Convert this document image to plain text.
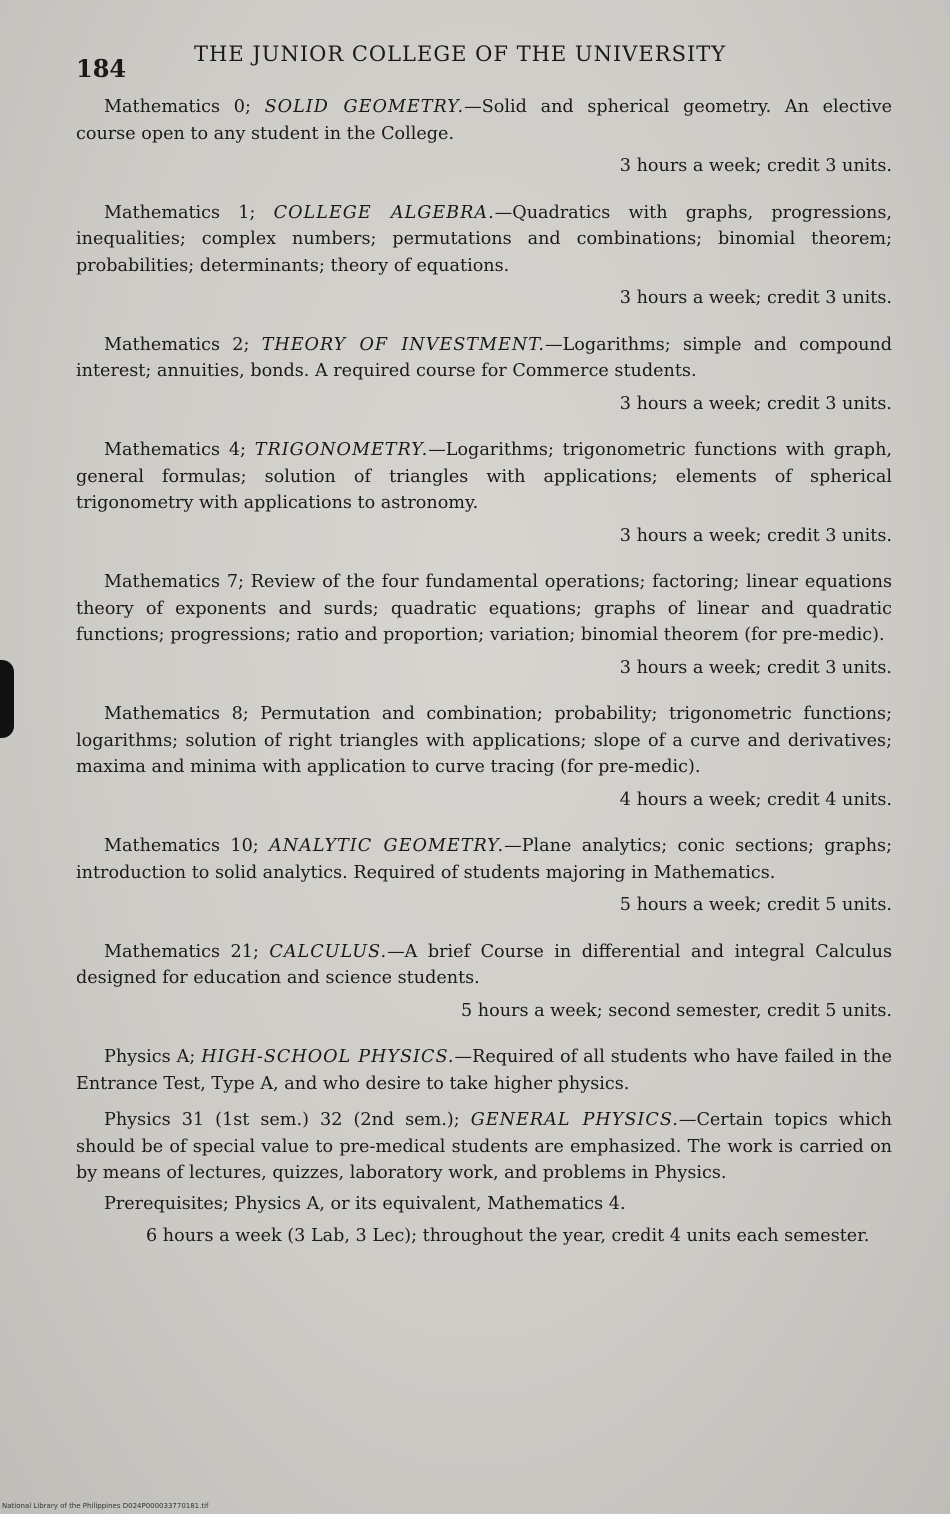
184	THE JUNIOR COLLEGE OF THE UNIVERSITY

Mathematics 0; SOLID GEOMETRY.—Solid and spherical geometry. An elective course open to any student in the College.

3 hours a week; credit 3 units.

Mathematics 1; COLLEGE ALGEBRA.—Quadratics with graphs, progressions, inequalities; complex numbers; permutations and combinations; binomial theorem; probabilities; determinants; theory of equations.

3 hours a week; credit 3 units.

Mathematics 2; THEORY OF INVESTMENT.—Logarithms; simple and compound interest; annuities, bonds. A required course for Commerce students.

3 hours a week; credit 3 units.

Mathematics 4; TRIGONOMETRY.—Logarithms; trigonometric functions with graph, general formulas; solution of triangles with applications; elements of spherical trigonometry with applications to astronomy.

3 hours a week; credit 3 units.

Mathematics 7; Review of the four fundamental operations; factoring; linear equations theory of exponents and surds; quadratic equations; graphs of linear and quadratic functions; progressions; ratio and proportion; variation; binomial theorem (for pre-medic).

3 hours a week; credit 3 units.

Mathematics 8; Permutation and combination; probability; trigonometric functions; logarithms; solution of right triangles with applications; slope of a curve and derivatives; maxima and minima with application to curve tracing (for pre-medic).

4 hours a week; credit 4 units.

Mathematics 10; ANALYTIC GEOMETRY.—Plane analytics; conic sections; graphs; introduction to solid analytics. Required of students majoring in Mathematics.

5 hours a week; credit 5 units.

Mathematics 21; CALCULUS.—A brief Course in differential and integral Calculus designed for education and science students.

5 hours a week; second semester, credit 5 units.

Physics A; HIGH-SCHOOL PHYSICS.—Required of all students who have failed in the Entrance Test, Type A, and who desire to take higher physics.

Physics 31 (1st sem.) 32 (2nd sem.); GENERAL PHYSICS.—Certain topics which should be of special value to pre-medical students are emphasized. The work is carried on by means of lectures, quizzes, laboratory work, and problems in Physics.

Prerequisites; Physics A, or its equivalent, Mathematics 4.

6 hours a week (3 Lab, 3 Lec); throughout the year, credit 4 units each semester.

National Library of the Philippines D024P000033770181.tif
